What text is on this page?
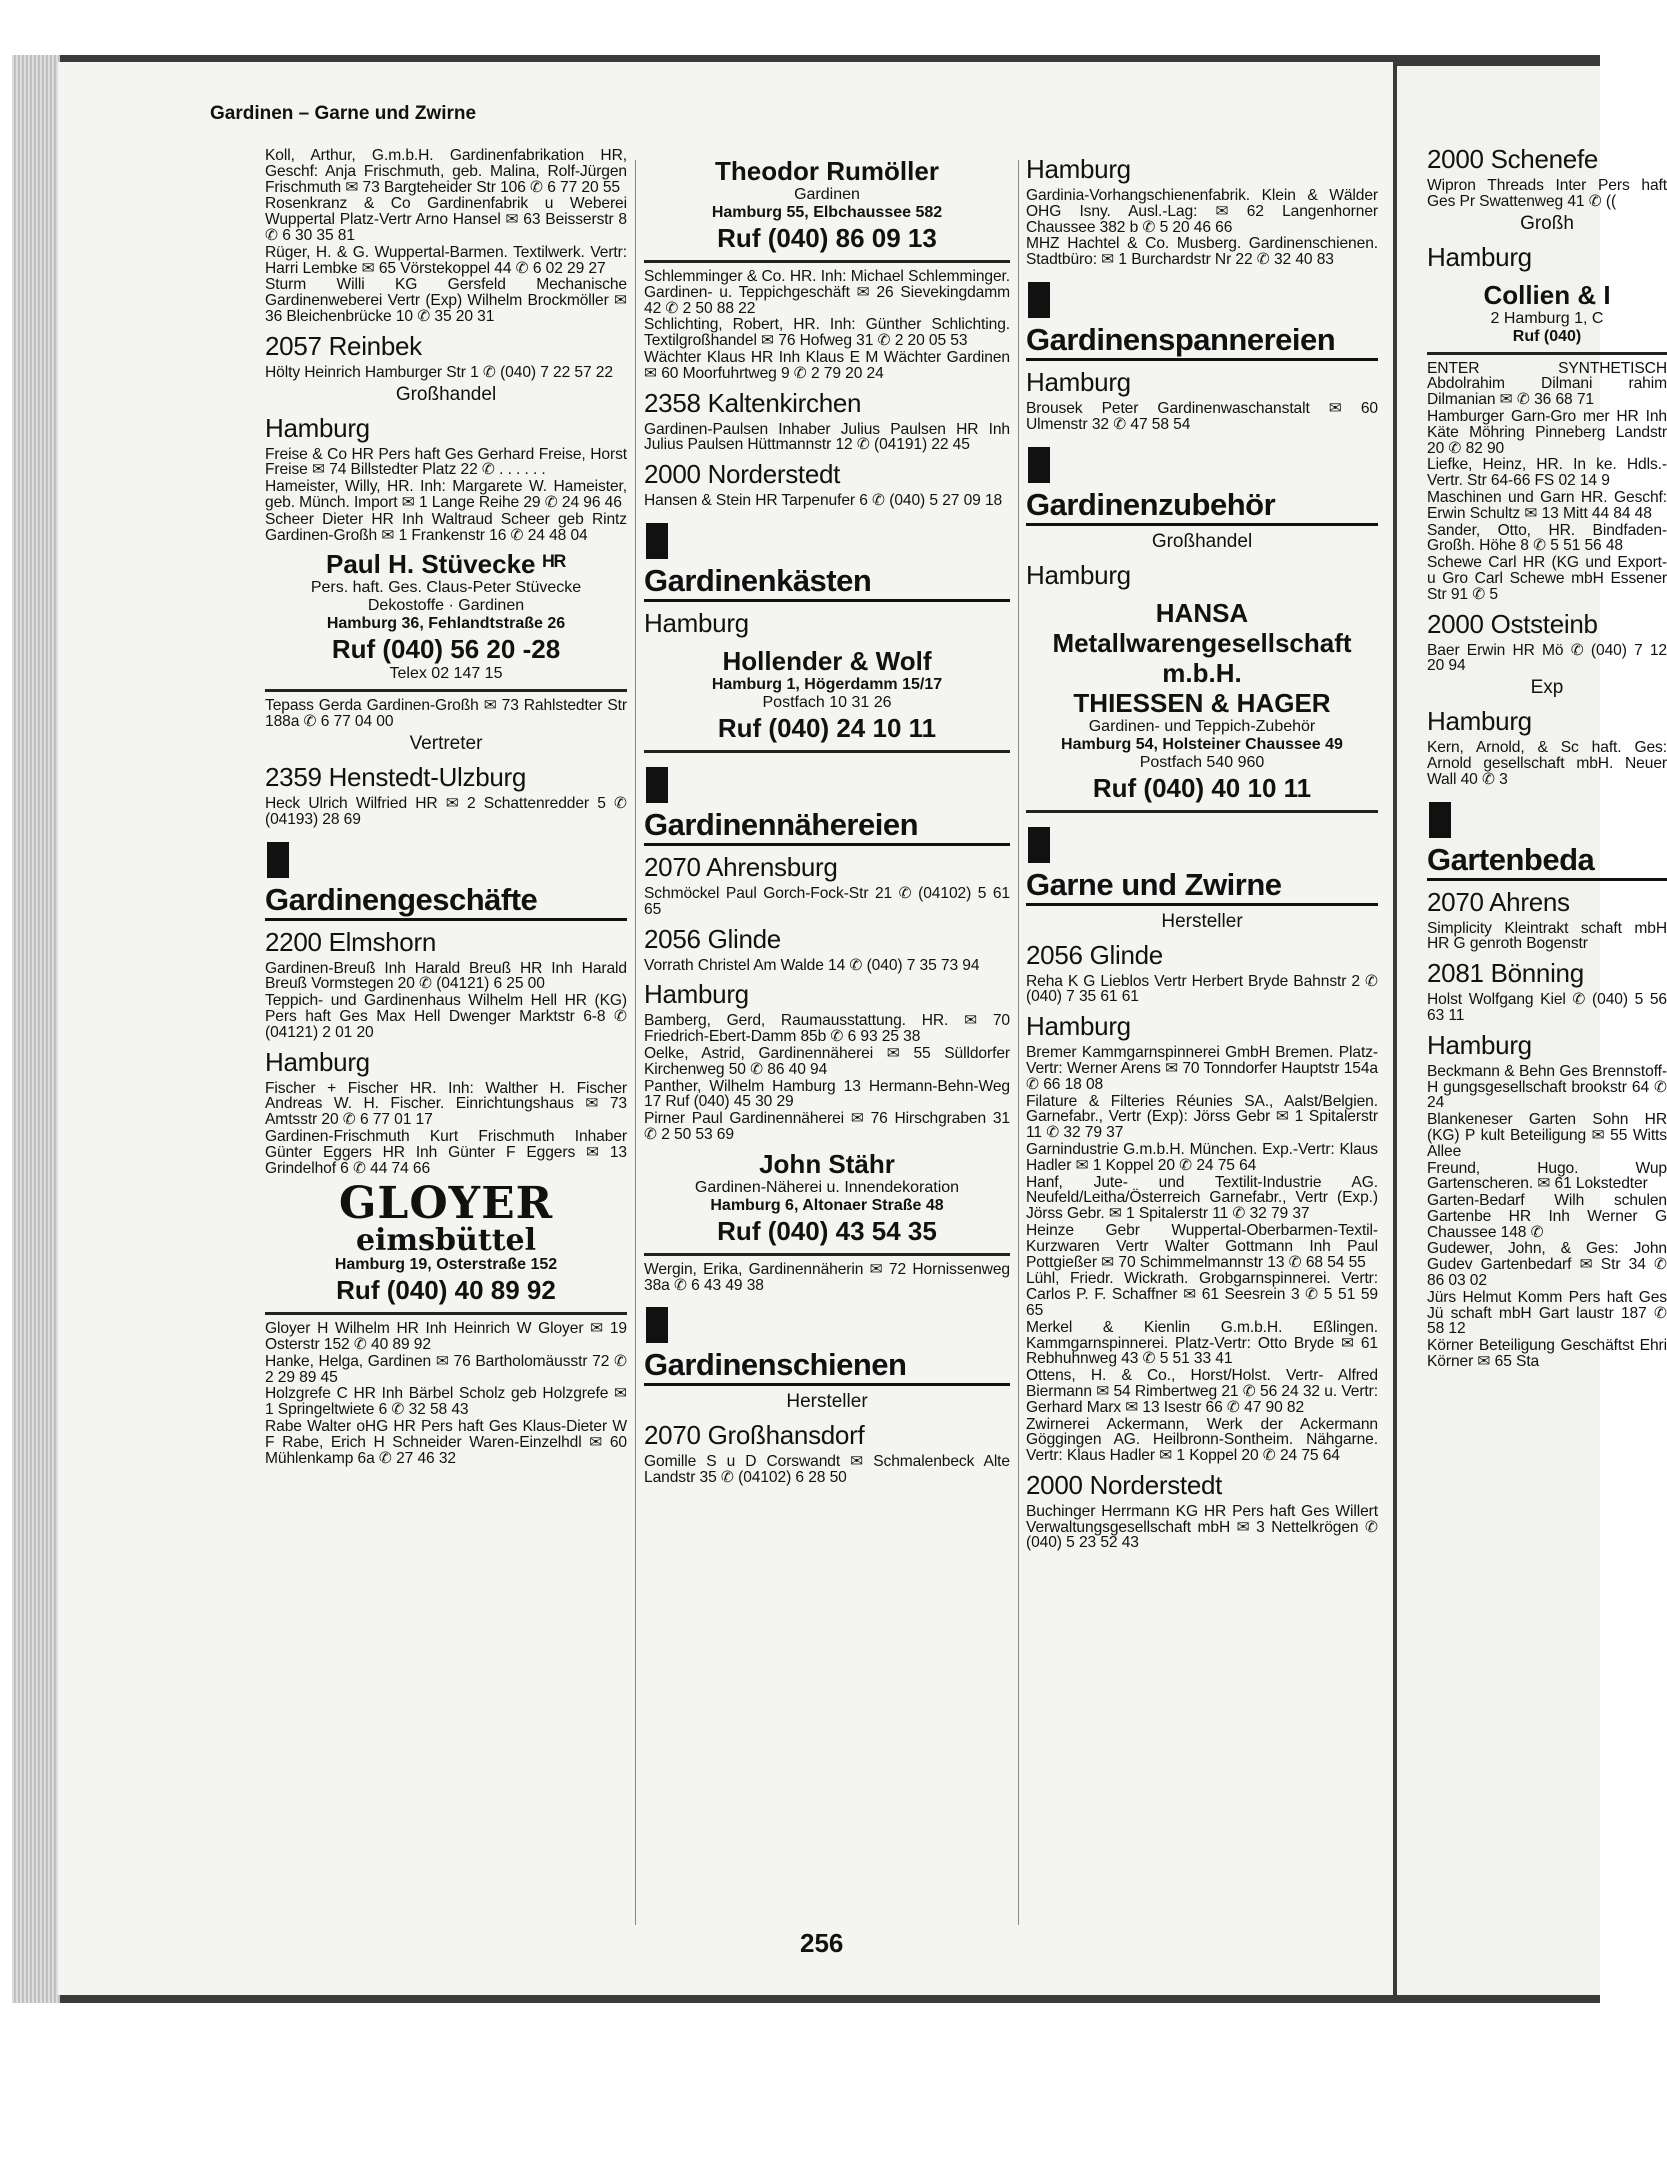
2000 Schenefe
Wipron Threads Inter Pers haft Ges Pr Swattenweg 41 ✆ ((
Großh
Hamburg
Collien & I
2 Hamburg 1, C
Ruf (040)
ENTER SYNTHETISCH Abdolrahim Dilmani rahim Dilmanian ✉ ✆ 36 68 71
Hamburger Garn-Gro mer HR Inh Käte Möhring Pinneberg Landstr 20 ✆ 82 90
Liefke, Heinz, HR. In ke. Hdls.-Vertr. Str 64-66 FS 02 14 9
Maschinen und Garn HR. Geschf: Erwin Schultz ✉ 13 Mitt 44 84 48
Sander, Otto, HR. Bindfaden-Großh. Höhe 8 ✆ 5 51 56 48
Schewe Carl HR (KG und Export- u Gro Carl Schewe mbH Essener Str 91 ✆ 5
2000 Oststeinb
Baer Erwin HR Mö ✆ (040) 7 12 20 94
Exp
Hamburg
Kern, Arnold, & Sc haft. Ges: Arnold gesellschaft mbH. Neuer Wall 40 ✆ 3
Gartenbeda
2070 Ahrens
Simplicity Kleintrakt schaft mbH HR G genroth Bogenstr
2081 Bönning
Holst Wolfgang Kiel ✆ (040) 5 56 63 11
Hamburg
Beckmann & Behn Ges Brennstoff-H gungsgesellschaft brookstr 64 ✆ 24
Blankeneser Garten Sohn HR (KG) P kult Beteiligung ✉ 55 Witts Allee
Freund, Hugo. Wup Gartenscheren. ✉ 61 Lokstedter
Garten-Bedarf Wilh schulen Gartenbe HR Inh Werner G Chaussee 148 ✆
Gudewer, John, & Ges: John Gudev Gartenbedarf ✉ Str 34 ✆ 86 03 02
Jürs Helmut Komm Pers haft Ges Jü schaft mbH Gart laustr 187 ✆ 58 12
Körner Beteiligung Geschäftst Ehri Körner ✉ 65 Sta
Gardinen – Garne und Zwirne
Koll, Arthur, G.m.b.H. Gardinenfabrikation HR, Geschf: Anja Frischmuth, geb. Malina, Rolf-Jürgen Frischmuth ✉ 73 Bargteheider Str 106 ✆ 6 77 20 55
Rosenkranz & Co Gardinenfabrik u Weberei Wuppertal Platz-Vertr Arno Hansel ✉ 63 Beisserstr 8 ✆ 6 30 35 81
Rüger, H. & G. Wuppertal-Barmen. Textilwerk. Vertr: Harri Lembke ✉ 65 Vörstekoppel 44 ✆ 6 02 29 27
Sturm Willi KG Gersfeld Mechanische Gardinenweberei Vertr (Exp) Wilhelm Brockmöller ✉ 36 Bleichenbrücke 10 ✆ 35 20 31
2057 Reinbek
Hölty Heinrich Hamburger Str 1 ✆ (040) 7 22 57 22
Großhandel
Hamburg
Freise & Co HR Pers haft Ges Gerhard Freise, Horst Freise ✉ 74 Billstedter Platz 22 ✆ . . . . . .
Hameister, Willy, HR. Inh: Margarete W. Hameister, geb. Münch. Import ✉ 1 Lange Reihe 29 ✆ 24 96 46
Scheer Dieter HR Inh Waltraud Scheer geb Rintz Gardinen-Großh ✉ 1 Frankenstr 16 ✆ 24 48 04
Paul H. Stüvecke ᴴᴿ
Pers. haft. Ges. Claus-Peter Stüvecke
Dekostoffe · Gardinen
Hamburg 36, Fehlandtstraße 26
Ruf (040) 56 20 -28
Telex 02 147 15
Tepass Gerda Gardinen-Großh ✉ 73 Rahlstedter Str 188a ✆ 6 77 04 00
Vertreter
2359 Henstedt-Ulzburg
Heck Ulrich Wilfried HR ✉ 2 Schattenredder 5 ✆ (04193) 28 69
Gardinengeschäfte
2200 Elmshorn
Gardinen-Breuß Inh Harald Breuß HR Inh Harald Breuß Vormstegen 20 ✆ (04121) 6 25 00
Teppich- und Gardinenhaus Wilhelm Hell HR (KG) Pers haft Ges Max Hell Dwenger Marktstr 6-8 ✆ (04121) 2 01 20
Hamburg
Fischer + Fischer HR. Inh: Walther H. Fischer Andreas W. H. Fischer. Einrichtungshaus ✉ 73 Amtsstr 20 ✆ 6 77 01 17
Gardinen-Frischmuth Kurt Frischmuth Inhaber Günter Eggers HR Inh Günter F Eggers ✉ 13 Grindelhof 6 ✆ 44 74 66
GLOYER
eimsbüttel
Hamburg 19, Osterstraße 152
Ruf (040) 40 89 92
Gloyer H Wilhelm HR Inh Heinrich W Gloyer ✉ 19 Osterstr 152 ✆ 40 89 92
Hanke, Helga, Gardinen ✉ 76 Bartholomäusstr 72 ✆ 2 29 89 45
Holzgrefe C HR Inh Bärbel Scholz geb Holzgrefe ✉ 1 Springeltwiete 6 ✆ 32 58 43
Rabe Walter oHG HR Pers haft Ges Klaus-Dieter W F Rabe, Erich H Schneider Waren-Einzelhdl ✉ 60 Mühlenkamp 6a ✆ 27 46 32
Theodor Rumöller
Gardinen
Hamburg 55, Elbchaussee 582
Ruf (040) 86 09 13
Schlemminger & Co. HR. Inh: Michael Schlemminger. Gardinen- u. Teppichgeschäft ✉ 26 Sievekingdamm 42 ✆ 2 50 88 22
Schlichting, Robert, HR. Inh: Günther Schlichting. Textilgroßhandel ✉ 76 Hofweg 31 ✆ 2 20 05 53
Wächter Klaus HR Inh Klaus E M Wächter Gardinen ✉ 60 Moorfuhrtweg 9 ✆ 2 79 20 24
2358 Kaltenkirchen
Gardinen-Paulsen Inhaber Julius Paulsen HR Inh Julius Paulsen Hüttmannstr 12 ✆ (04191) 22 45
2000 Norderstedt
Hansen & Stein HR Tarpenufer 6 ✆ (040) 5 27 09 18
Gardinenkästen
Hamburg
Hollender & Wolf
Hamburg 1, Högerdamm 15/17
Postfach 10 31 26
Ruf (040) 24 10 11
Gardinennähereien
2070 Ahrensburg
Schmöckel Paul Gorch-Fock-Str 21 ✆ (04102) 5 61 65
2056 Glinde
Vorrath Christel Am Walde 14 ✆ (040) 7 35 73 94
Hamburg
Bamberg, Gerd, Raumausstattung. HR. ✉ 70 Friedrich-Ebert-Damm 85b ✆ 6 93 25 38
Oelke, Astrid, Gardinennäherei ✉ 55 Sülldorfer Kirchenweg 50 ✆ 86 40 94
Panther, Wilhelm Hamburg 13 Hermann-Behn-Weg 17 Ruf (040) 45 30 29
Pirner Paul Gardinennäherei ✉ 76 Hirschgraben 31 ✆ 2 50 53 69
John Stähr
Gardinen-Näherei u. Innendekoration
Hamburg 6, Altonaer Straße 48
Ruf (040) 43 54 35
Wergin, Erika, Gardinennäherin ✉ 72 Hornissenweg 38a ✆ 6 43 49 38
Gardinenschienen
Hersteller
2070 Großhansdorf
Gomille S u D Corswandt ✉ Schmalenbeck Alte Landstr 35 ✆ (04102) 6 28 50
Hamburg
Gardinia-Vorhangschienenfabrik. Klein & Wälder OHG Isny. Ausl.-Lag: ✉ 62 Langenhorner Chaussee 382 b ✆ 5 20 46 66
MHZ Hachtel & Co. Musberg. Gardinenschienen. Stadtbüro: ✉ 1 Burchardstr Nr 22 ✆ 32 40 83
Gardinenspannereien
Hamburg
Brousek Peter Gardinenwaschanstalt ✉ 60 Ulmenstr 32 ✆ 47 58 54
Gardinenzubehör
Großhandel
Hamburg
HANSA
Metallwarengesellschaft
m.b.H.
THIESSEN & HAGER
Gardinen- und Teppich-Zubehör
Hamburg 54, Holsteiner Chaussee 49
Postfach 540 960
Ruf (040) 40 10 11
Garne und Zwirne
Hersteller
2056 Glinde
Reha K G Lieblos Vertr Herbert Bryde Bahnstr 2 ✆ (040) 7 35 61 61
Hamburg
Bremer Kammgarnspinnerei GmbH Bremen. Platz-Vertr: Werner Arens ✉ 70 Tonndorfer Hauptstr 154a ✆ 66 18 08
Filature & Filteries Réunies SA., Aalst/Belgien. Garnefabr., Vertr (Exp): Jörss Gebr ✉ 1 Spitalerstr 11 ✆ 32 79 37
Garnindustrie G.m.b.H. München. Exp.-Vertr: Klaus Hadler ✉ 1 Koppel 20 ✆ 24 75 64
Hanf, Jute- und Textilit-Industrie AG. Neufeld/Leitha/Österreich Garnefabr., Vertr (Exp.) Jörss Gebr. ✉ 1 Spitalerstr 11 ✆ 32 79 37
Heinze Gebr Wuppertal-Oberbarmen-Textil-Kurzwaren Vertr Walter Gottmann Inh Paul Pottgießer ✉ 70 Schimmelmannstr 13 ✆ 68 54 55
Lühl, Friedr. Wickrath. Grobgarnspinnerei. Vertr: Carlos P. F. Schaffner ✉ 61 Seesrein 3 ✆ 5 51 59 65
Merkel & Kienlin G.m.b.H. Eßlingen. Kammgarnspinnerei. Platz-Vertr: Otto Bryde ✉ 61 Rebhuhnweg 43 ✆ 5 51 33 41
Ottens, H. & Co., Horst/Holst. Vertr- Alfred Biermann ✉ 54 Rimbertweg 21 ✆ 56 24 32 u. Vertr: Gerhard Marx ✉ 13 Isestr 66 ✆ 47 90 82
Zwirnerei Ackermann, Werk der Ackermann Göggingen AG. Heilbronn-Sontheim. Nähgarne. Vertr: Klaus Hadler ✉ 1 Koppel 20 ✆ 24 75 64
2000 Norderstedt
Buchinger Herrmann KG HR Pers haft Ges Willert Verwaltungsgesellschaft mbH ✉ 3 Nettelkrögen ✆ (040) 5 23 52 43
256
